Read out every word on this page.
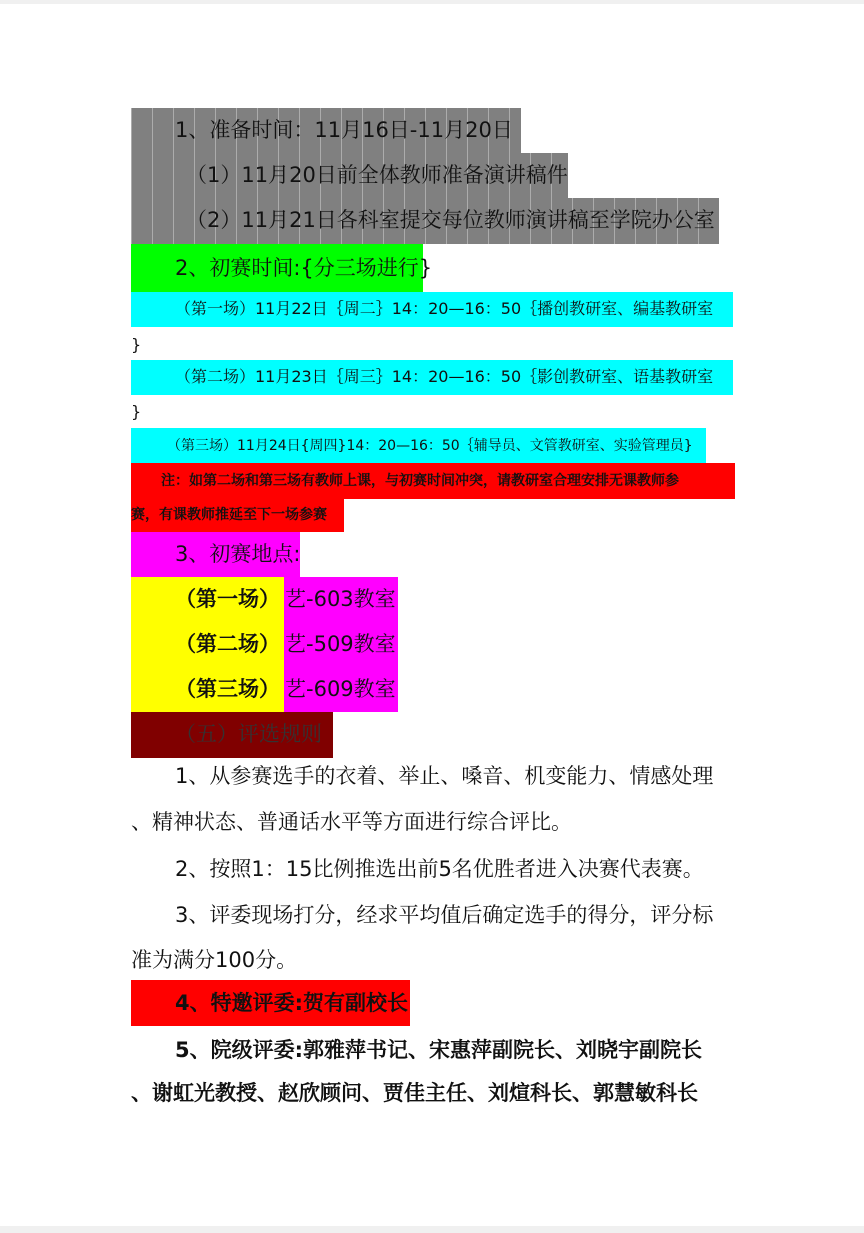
1、准备时间：11月16日-11月20日
（1）11月20日前全体教师准备演讲稿件
（2）11月21日各科室提交每位教师演讲稿至学院办公室
2、初赛时间:{分三场进行}
（第一场）11月22日｛周二｝14：20—16：50｛播创教研室、编基教研室
}
（第二场）11月23日｛周三｝14：20—16：50｛影创教研室、语基教研室
}
（第三场）11月24日{周四}14：20—16：50｛辅导员、文管教研室、实验管理员}
注：如第二场和第三场有教师上课，与初赛时间冲突，请教研室合理安排无课教师参
赛，有课教师推延至下一场参赛
3、初赛地点:
（第一场） 艺-603教室
（第二场） 艺-509教室
（第三场） 艺-609教室
（五）评选规则
1、从参赛选手的衣着、举止、嗓音、机变能力、情感处理
、精神状态、普通话水平等方面进行综合评比。
2、按照1：15比例推选出前5名优胜者进入决赛代表赛。
3、评委现场打分，经求平均值后确定选手的得分，评分标
准为满分100分。
4、特邀评委:贺有副校长
5、院级评委:郭雅萍书记、宋惠萍副院长、刘晓宇副院长
、谢虹光教授、赵欣顾问、贾佳主任、刘煊科长、郭慧敏科长
